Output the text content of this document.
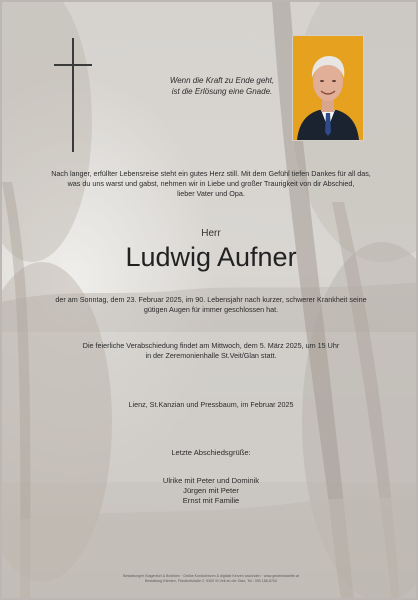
Wenn die Kraft zu Ende geht,
ist die Erlösung eine Gnade.
Nach langer, erfüllter Lebensreise steht ein gutes Herz still. Mit dem Gefühl tiefen Dankes für all das,
was du uns warst und gabst, nehmen wir in Liebe und großer Traurigkeit von dir Abschied,
lieber Vater und Opa.
Herr
Ludwig Aufner
der am Sonntag, dem 23. Februar 2025, im 90. Lebensjahr nach kurzer, schwerer Krankheit seine
gütigen Augen für immer geschlossen hat.
Die feierliche Verabschiedung findet am Mittwoch, dem 5. März 2025, um 15 Uhr
in der Zeremonienhalle St.Veit/Glan statt.
Lienz, St.Kanzian und Pressbaum, im Februar 2025
Letzte Abschiedsgrüße:
Ulrike mit Peter und Dominik
Jürgen mit Peter
Ernst mit Familie
Bestattungen Klagenfurt & Bezirken · Online Kondolenzen & digitale Kerzen anzünden · www.gedenkstaette.at
Bestattung Kärnten, Friedhofstraße 2, 9300 St.Veit an der Glan, Tel.: 050 186-6700
